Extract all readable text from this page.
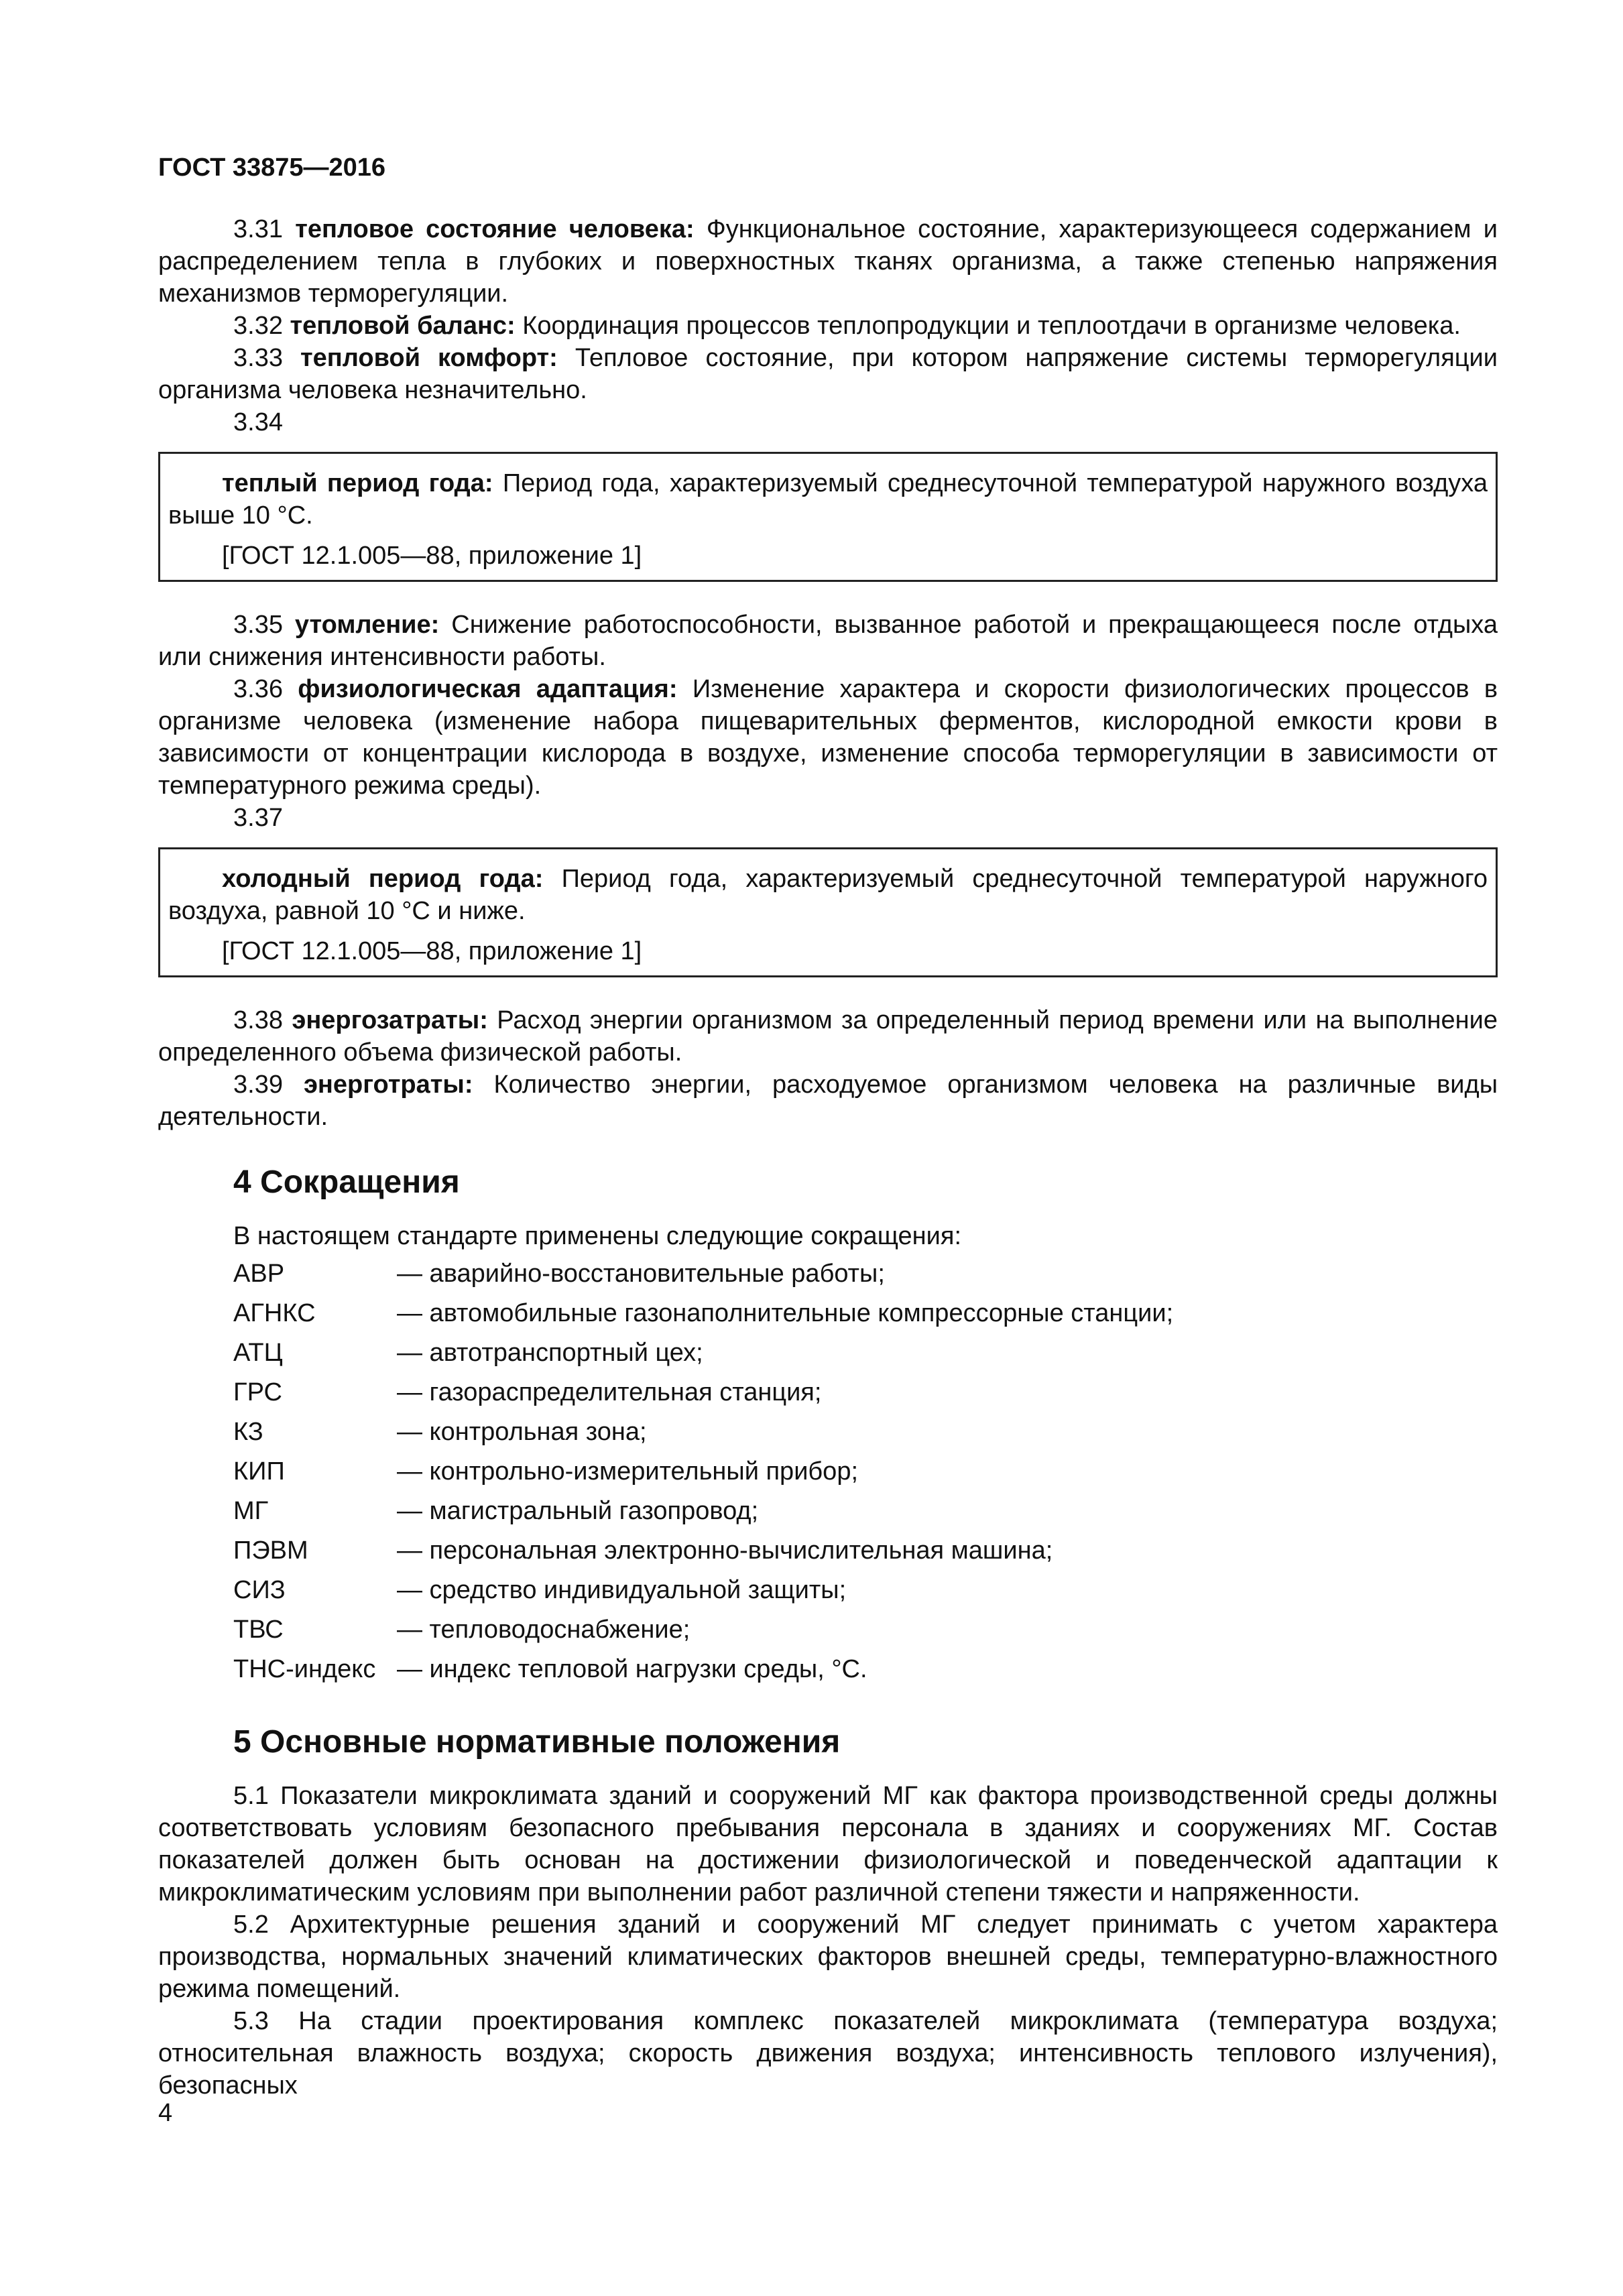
ГОСТ 33875—2016

3.31 тепловое состояние человека: Функциональное состояние, характеризующееся содержанием и распределением тепла в глубоких и поверхностных тканях организма, а также степенью напряжения механизмов терморегуляции.

3.32 тепловой баланс: Координация процессов теплопродукции и теплоотдачи в организме человека.

3.33 тепловой комфорт: Тепловое состояние, при котором напряжение системы терморегуляции организма человека незначительно.

3.34

теплый период года: Период года, характеризуемый среднесуточной температурой наружного воздуха выше 10 °С.

[ГОСТ 12.1.005—88, приложение 1]

3.35 утомление: Снижение работоспособности, вызванное работой и прекращающееся после отдыха или снижения интенсивности работы.

3.36 физиологическая адаптация: Изменение характера и скорости физиологических процессов в организме человека (изменение набора пищеварительных ферментов, кислородной емкости крови в зависимости от концентрации кислорода в воздухе, изменение способа терморегуляции в зависимости от температурного режима среды).

3.37

холодный период года: Период года, характеризуемый среднесуточной температурой наружного воздуха, равной 10 °С и ниже.

[ГОСТ 12.1.005—88, приложение 1]

3.38 энергозатраты: Расход энергии организмом за определенный период времени или на выполнение определенного объема физической работы.

3.39 энерготраты: Количество энергии, расходуемое организмом человека на различные виды деятельности.

4 Сокращения
В настоящем стандарте применены следующие сокращения:
АВР	— аварийно-восстановительные работы;
АГНКС	— автомобильные газонаполнительные компрессорные станции;
АТЦ	— автотранспортный цех;
ГРС	— газораспределительная станция;
КЗ	— контрольная зона;
КИП	— контрольно-измерительный прибор;
МГ	— магистральный газопровод;
ПЭВМ	— персональная электронно-вычислительная машина;
СИЗ	— средство индивидуальной защиты;
ТВС	— тепловодоснабжение;
ТНС-индекс — индекс тепловой нагрузки среды, °С.
5 Основные нормативные положения

5.1 Показатели микроклимата зданий и сооружений МГ как фактора производственной среды должны соответствовать условиям безопасного пребывания персонала в зданиях и сооружениях МГ. Состав показателей должен быть основан на достижении физиологической и поведенческой адаптации к микроклиматическим условиям при выполнении работ различной степени тяжести и напряженности.

5.2 Архитектурные решения зданий и сооружений МГ следует принимать с учетом характера производства, нормальных значений климатических факторов внешней среды, температурно-влажностного режима помещений.

5.3 На стадии проектирования комплекс показателей микроклимата (температура воздуха; относительная влажность воздуха; скорость движения воздуха; интенсивность теплового излучения), безопасных

4
